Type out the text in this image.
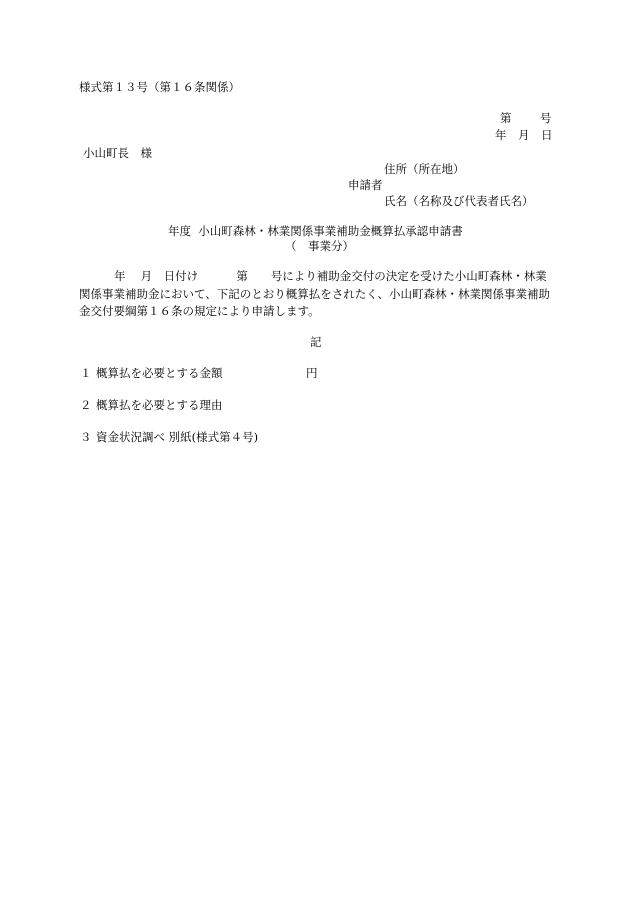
様式第１３号（第１６条関係）
第 号
年 月 日
小山町長　様
住所（所在地）
申請者
氏名（名称及び代表者氏名）
年度  小山町森林・林業関係事業補助金概算払承認申請書
（ 事業分）
年　 月　 日付け　　　	第　　 号により補助金交付の決定を受けた小山町森林・林業関係事業補助金において、下記のとおり概算払をされたく、小山町森林・林業関係事業補助金交付要綱第１６条の規定により申請します。
記
１ 概算払を必要とする金額	円
２ 概算払を必要とする理由
３ 資金状況調べ 別紙(様式第４号)
